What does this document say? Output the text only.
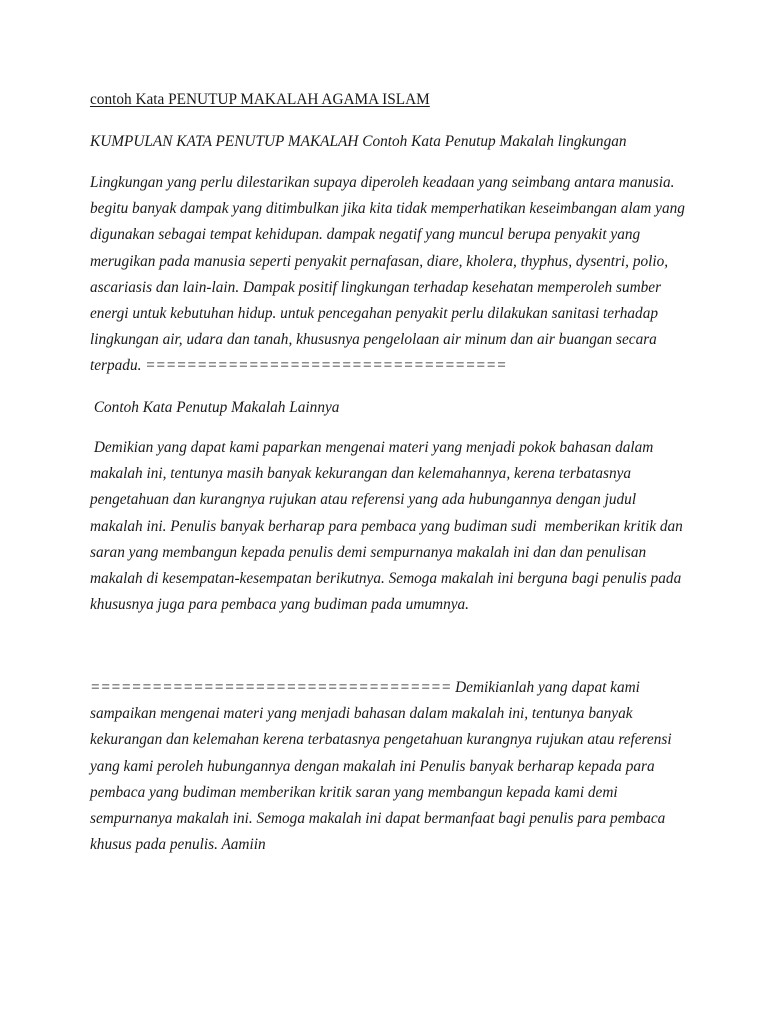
contoh Kata PENUTUP MAKALAH AGAMA ISLAM
KUMPULAN KATA PENUTUP MAKALAH Contoh Kata Penutup Makalah lingkungan
Contoh Kata Penutup Makalah Lainnya
Lingkungan yang perlu dilestarikan supaya diperoleh keadaan yang seimbang antara manusia.
begitu banyak dampak yang ditimbulkan jika kita tidak memperhatikan keseimbangan alam yang
digunakan sebagai tempat kehidupan. dampak negatif yang muncul berupa penyakit yang
merugikan pada manusia seperti penyakit pernafasan, diare, kholera, thyphus, dysentri, polio,
ascariasis dan lain-lain. Dampak positif lingkungan terhadap kesehatan memperoleh sumber
energi untuk kebutuhan hidup. untuk pencegahan penyakit perlu dilakukan sanitasi terhadap
lingkungan air, udara dan tanah, khususnya pengelolaan air minum dan air buangan secara
terpadu. ===================================
Demikian yang dapat kami paparkan mengenai materi yang menjadi pokok bahasan dalam
makalah ini, tentunya masih banyak kekurangan dan kelemahannya, kerena terbatasnya
pengetahuan dan kurangnya rujukan atau referensi yang ada hubungannya dengan judul
makalah ini. Penulis banyak berharap para pembaca yang budiman sudi  memberikan kritik dan
saran yang membangun kepada penulis demi sempurnanya makalah ini dan dan penulisan
makalah di kesempatan-kesempatan berikutnya. Semoga makalah ini berguna bagi penulis pada
khususnya juga para pembaca yang budiman pada umumnya.
=================================== Demikianlah yang dapat kami
sampaikan mengenai materi yang menjadi bahasan dalam makalah ini, tentunya banyak
kekurangan dan kelemahan kerena terbatasnya pengetahuan kurangnya rujukan atau referensi
yang kami peroleh hubungannya dengan makalah ini Penulis banyak berharap kepada para
pembaca yang budiman memberikan kritik saran yang membangun kepada kami demi
sempurnanya makalah ini. Semoga makalah ini dapat bermanfaat bagi penulis para pembaca
khusus pada penulis. Aamiin
